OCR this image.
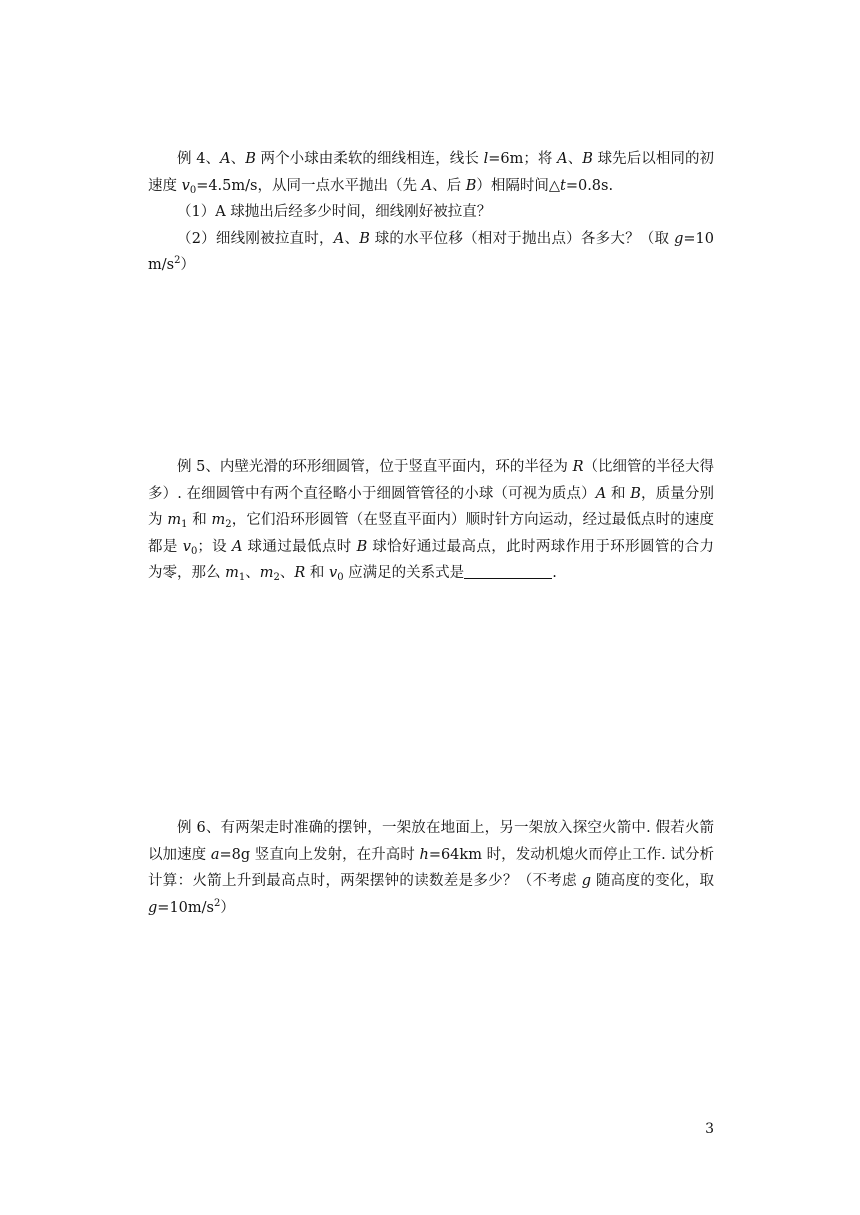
例 4、A、B 两个小球由柔软的细线相连，线长 l=6m；将 A、B 球先后以相同的初速度 $v_0=4.5m/s$，从同一点水平抛出（先 A、后 B）相隔时间△t=0.8s.
（1）A 球抛出后经多少时间，细线刚好被拉直？
（2）细线刚被拉直时，A、B 球的水平位移（相对于抛出点）各多大？（取 $g=10m/s^2$）
例 5、内壁光滑的环形细圆管，位于竖直平面内，环的半径为 R（比细管的半径大得多）. 在细圆管中有两个直径略小于细圆管管径的小球（可视为质点）A 和 B，质量分别为 $m_1$ 和 $m_2$，它们沿环形圆管（在竖直平面内）顺时针方向运动，经过最低点时的速度都是 $v_0$；设 A 球通过最低点时 B 球恰好通过最高点，此时两球作用于环形圆管的合力为零，那么 $m_1$、$m_2$、R 和 $v_0$ 应满足的关系式是	.
例 6、有两架走时准确的摆钟，一架放在地面上，另一架放入探空火箭中. 假若火箭以加速度 a=8g 竖直向上发射，在升高时 h=64km 时，发动机熄火而停止工作. 试分析计算：火箭上升到最高点时，两架摆钟的读数差是多少？（不考虑 g 随高度的变化，取 $g=10m/s^2$）
3
